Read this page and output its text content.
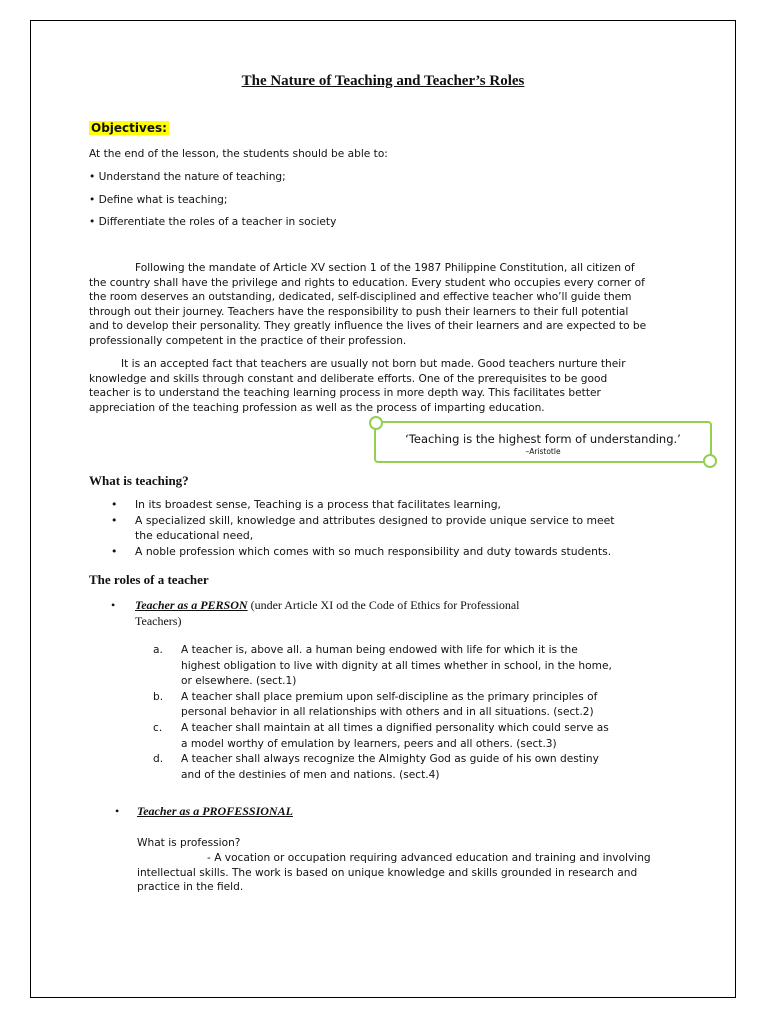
The Nature of Teaching and Teacher’s Roles
Objectives:
At the end of the lesson, the students should be able to:
• Understand the nature of teaching;
• Define what is teaching;
• Differentiate the roles of a teacher in society
Following the mandate of Article XV section 1 of the 1987 Philippine Constitution, all citizen of
the country shall have the privilege and rights to education. Every student who occupies every corner of
the room deserves an outstanding, dedicated, self-disciplined and effective teacher who’ll guide them
through out their journey. Teachers have the responsibility to push their learners to their full potential
and to develop their personality. They greatly influence the lives of their learners and are expected to be
professionally competent in the practice of their profession.
It is an accepted fact that teachers are usually not born but made. Good teachers nurture their
knowledge and skills through constant and deliberate efforts. One of the prerequisites to be good
teacher is to understand the teaching learning process in more depth way. This facilitates better
appreciation of the teaching profession as well as the process of imparting education.
‘Teaching is the highest form of understanding.’
–Aristotle
What is teaching?
• In its broadest sense, Teaching is a process that facilitates learning,
• A specialized skill, knowledge and attributes designed to provide unique service to meet
the educational need,
• A noble profession which comes with so much responsibility and duty towards students.
The roles of a teacher
•	Teacher as a PERSON (under Article XI od the Code of Ethics for Professional
Teachers)
a. A teacher is, above all. a human being endowed with life for which it is the
highest obligation to live with dignity at all times whether in school, in the home,
or elsewhere. (sect.1)
b. A teacher shall place premium upon self-discipline as the primary principles of
personal behavior in all relationships with others and in all situations. (sect.2)
c. A teacher shall maintain at all times a dignified personality which could serve as
a model worthy of emulation by learners, peers and all others. (sect.3)
d. A teacher shall always recognize the Almighty God as guide of his own destiny
and of the destinies of men and nations. (sect.4)
• Teacher as a PROFESSIONAL
What is profession?
- A vocation or occupation requiring advanced education and training and involving
intellectual skills. The work is based on unique knowledge and skills grounded in research and
practice in the field.
